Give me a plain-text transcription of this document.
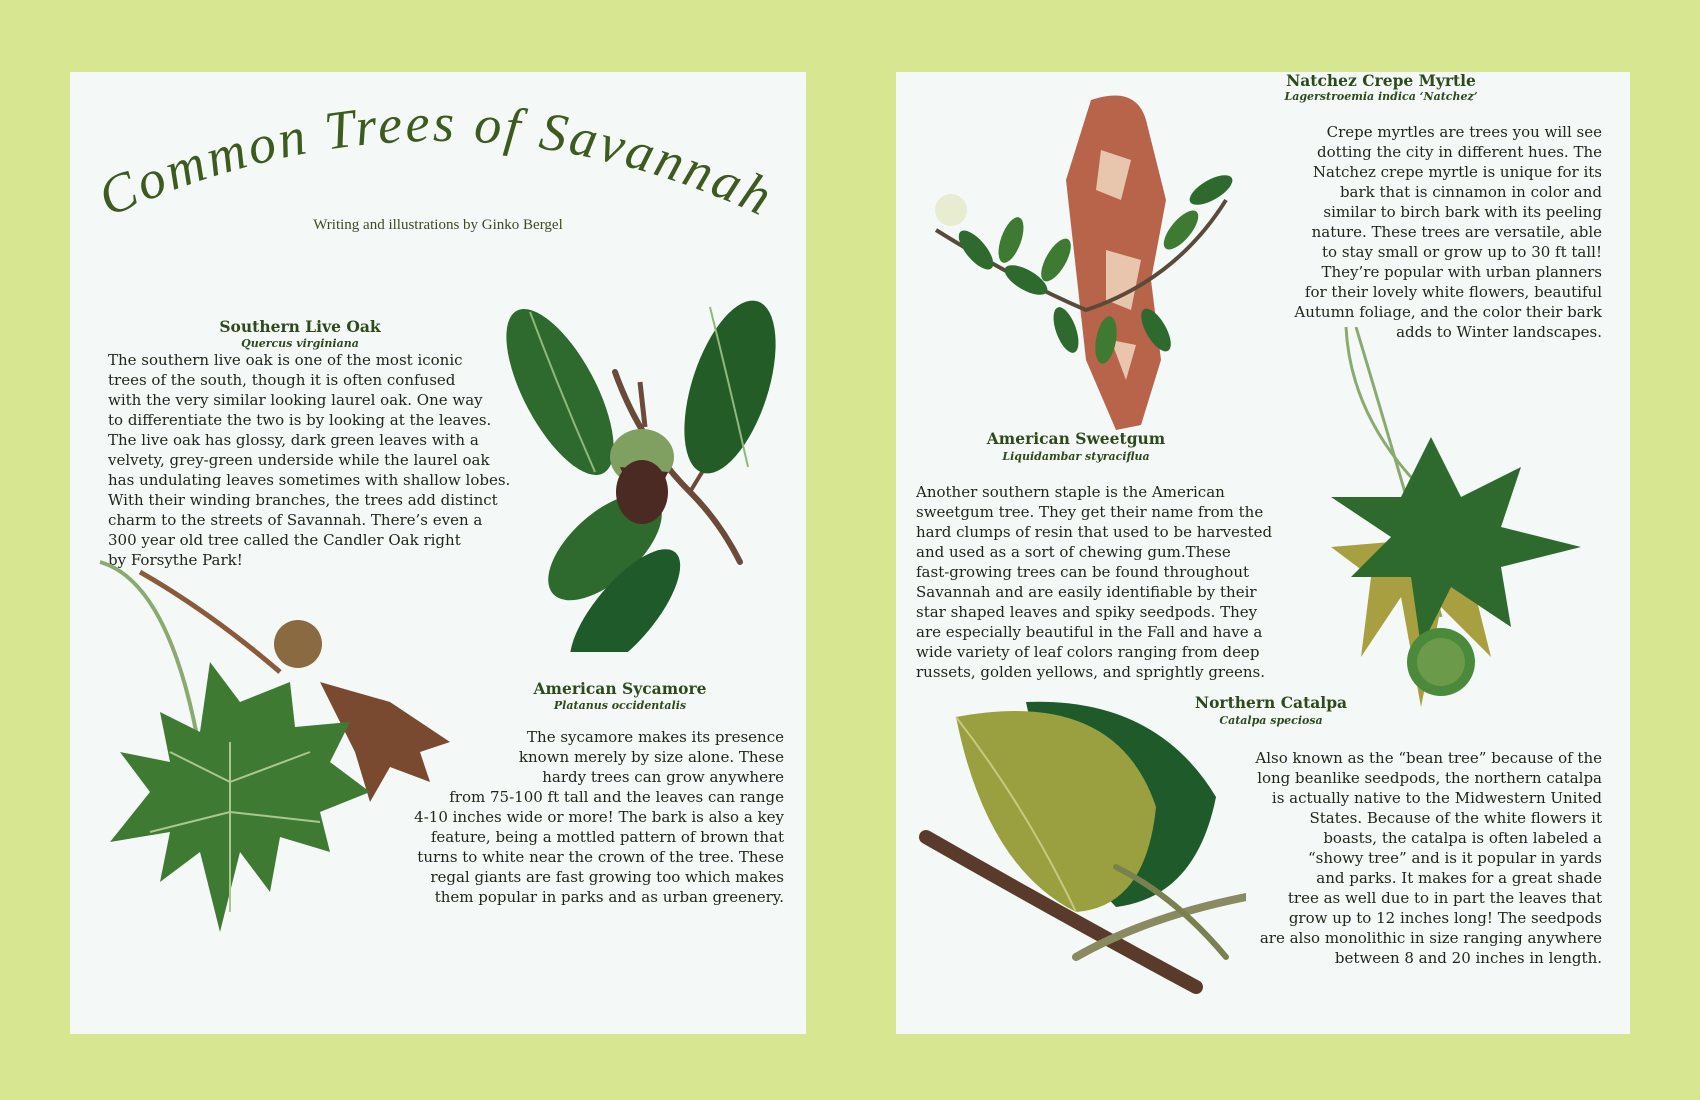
Common Trees of Savannah
Writing and illustrations by Ginko Bergel
Southern Live Oak
Quercus virginiana
The southern live oak is one of the most iconic
trees of the south, though it is often confused
with the very similar looking laurel oak. One way
to differentiate the two is by looking at the leaves.
The live oak has glossy, dark green leaves with a
velvety, grey-green underside while the laurel oak
has undulating leaves sometimes with shallow lobes.
With their winding branches, the trees add distinct
charm to the streets of Savannah. There’s even a
300 year old tree called the Candler Oak right
by Forsythe Park!
American Sycamore
Platanus occidentalis
The sycamore makes its presence
known merely by size alone. These
hardy trees can grow anywhere
from 75-100 ft tall and the leaves can range
4-10 inches wide or more! The bark is also a key
feature, being a mottled pattern of brown that
turns to white near the crown of the tree. These
regal giants are fast growing too which makes
them popular in parks and as urban greenery.
Natchez Crepe Myrtle
Lagerstroemia indica ‘Natchez’
Crepe myrtles are trees you will see
dotting the city in different hues. The
Natchez crepe myrtle is unique for its
bark that is cinnamon in color and
similar to birch bark with its peeling
nature. These trees are versatile, able
to stay small or grow up to 30 ft tall!
They’re popular with urban planners
for their lovely white flowers, beautiful
Autumn foliage, and the color their bark
adds to Winter landscapes.
American Sweetgum
Liquidambar styraciflua
Another southern staple is the American
sweetgum tree. They get their name from the
hard clumps of resin that used to be harvested
and used as a sort of chewing gum.These
fast-growing trees can be found throughout
Savannah and are easily identifiable by their
star shaped leaves and spiky seedpods. They
are especially beautiful in the Fall and have a
wide variety of leaf colors ranging from deep
russets, golden yellows, and sprightly greens.
Northern Catalpa
Catalpa speciosa
Also known as the “bean tree” because of the
long beanlike seedpods, the northern catalpa
is actually native to the Midwestern United
States. Because of the white flowers it
boasts, the catalpa is often labeled a
“showy tree” and is it popular in yards
and parks. It makes for a great shade
tree as well due to in part the leaves that
grow up to 12 inches long! The seedpods
are also monolithic in size ranging anywhere
between 8 and 20 inches in length.
